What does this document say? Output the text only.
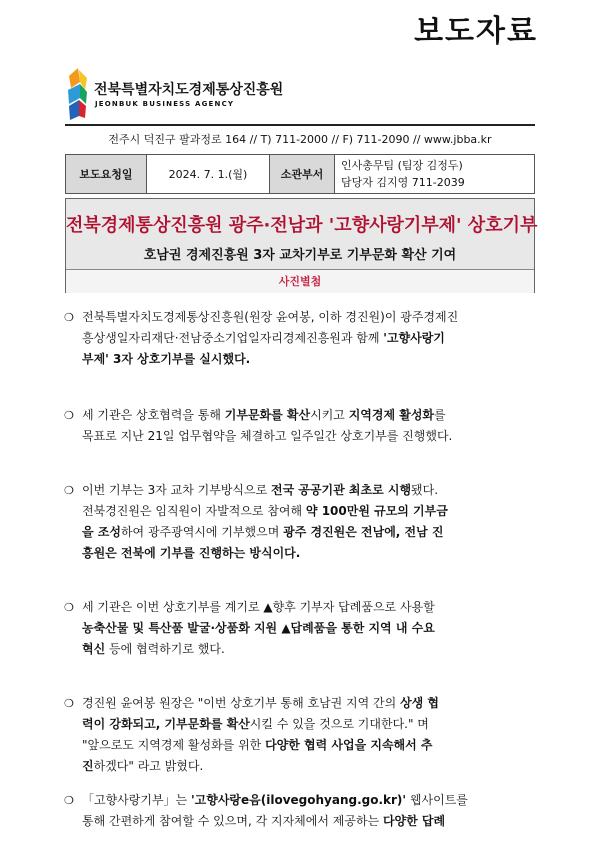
보도자료
전북특별자치도경제통상진흥원
JEONBUK BUSINESS AGENCY
전주시 덕진구 팔과정로 164 // T) 711-2000 // F) 711-2090 // www.jbba.kr
보도요청일	2024. 7. 1.(월)	소관부서	
인사총무팀 (팀장 김정두)
담당자 김지영 711-2039
전북경제통상진흥원 광주·전남과 '고향사랑기부제' 상호기부
호남권 경제진흥원 3자 교차기부로 기부문화 확산 기여
사진별첨
❍ 전북특별자치도경제통상진흥원(원장 윤여봉, 이하 경진원)이 광주경제진
흥상생일자리재단·전남중소기업일자리경제진흥원과 함께 '고향사랑기
부제' 3자 상호기부를 실시했다.
❍ 세 기관은 상호협력을 통해 기부문화를 확산시키고 지역경제 활성화를
목표로 지난 21일 업무협약을 체결하고 일주일간 상호기부를 진행했다.
❍ 이번 기부는 3자 교차 기부방식으로 전국 공공기관 최초로 시행됐다.
전북경진원은 임직원이 자발적으로 참여해 약 100만원 규모의 기부금
을 조성하여 광주광역시에 기부했으며 광주 경진원은 전남에, 전남 진
흥원은 전북에 기부를 진행하는 방식이다.
❍ 세 기관은 이번 상호기부를 계기로 ▲향후 기부자 답례품으로 사용할
농축산물 및 특산품 발굴·상품화 지원 ▲답례품을 통한 지역 내 수요
혁신 등에 협력하기로 했다.
❍ 경진원 윤여봉 원장은 "이번 상호기부 통해 호남권 지역 간의 상생 협
력이 강화되고, 기부문화를 확산시킬 수 있을 것으로 기대한다." 며
"앞으로도 지역경제 활성화를 위한 다양한 협력 사업을 지속해서 추
진하겠다" 라고 밝혔다.
❍ 「고향사랑기부」는 '고향사랑e음(ilovegohyang.go.kr)' 웹사이트를
통해 간편하게 참여할 수 있으며, 각 지자체에서 제공하는 다양한 답례
